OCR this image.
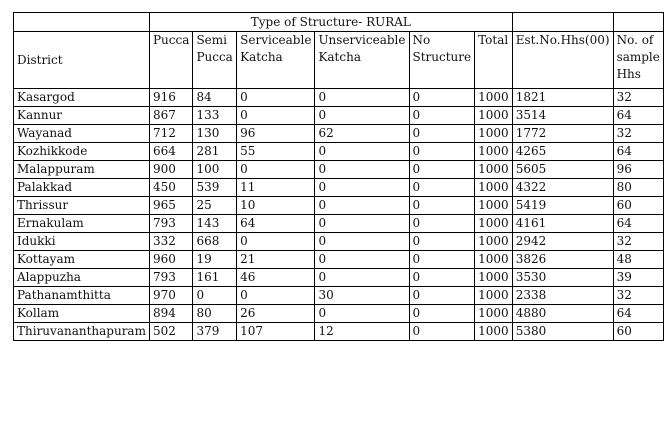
	Type of Structure- RURAL							
District	Pucca	Semi Pucca	Serviceable Katcha	Unserviceable Katcha	No Structure	Total	Est.No.Hhs(00)	No. of sample Hhs
Kasargod	916	84	0	0	0	1000	1821	32
Kannur	867	133	0	0	0	1000	3514	64
Wayanad	712	130	96	62	0	1000	1772	32
Kozhikkode	664	281	55	0	0	1000	4265	64
Malappuram	900	100	0	0	0	1000	5605	96
Palakkad	450	539	11	0	0	1000	4322	80
Thrissur	965	25	10	0	0	1000	5419	60
Ernakulam	793	143	64	0	0	1000	4161	64
Idukki	332	668	0	0	0	1000	2942	32
Kottayam	960	19	21	0	0	1000	3826	48
Alappuzha	793	161	46	0	0	1000	3530	39
Pathanamthitta	970	0	0	30	0	1000	2338	32
Kollam	894	80	26	0	0	1000	4880	64
Thiruvananthapuram	502	379	107	12	0	1000	5380	60
